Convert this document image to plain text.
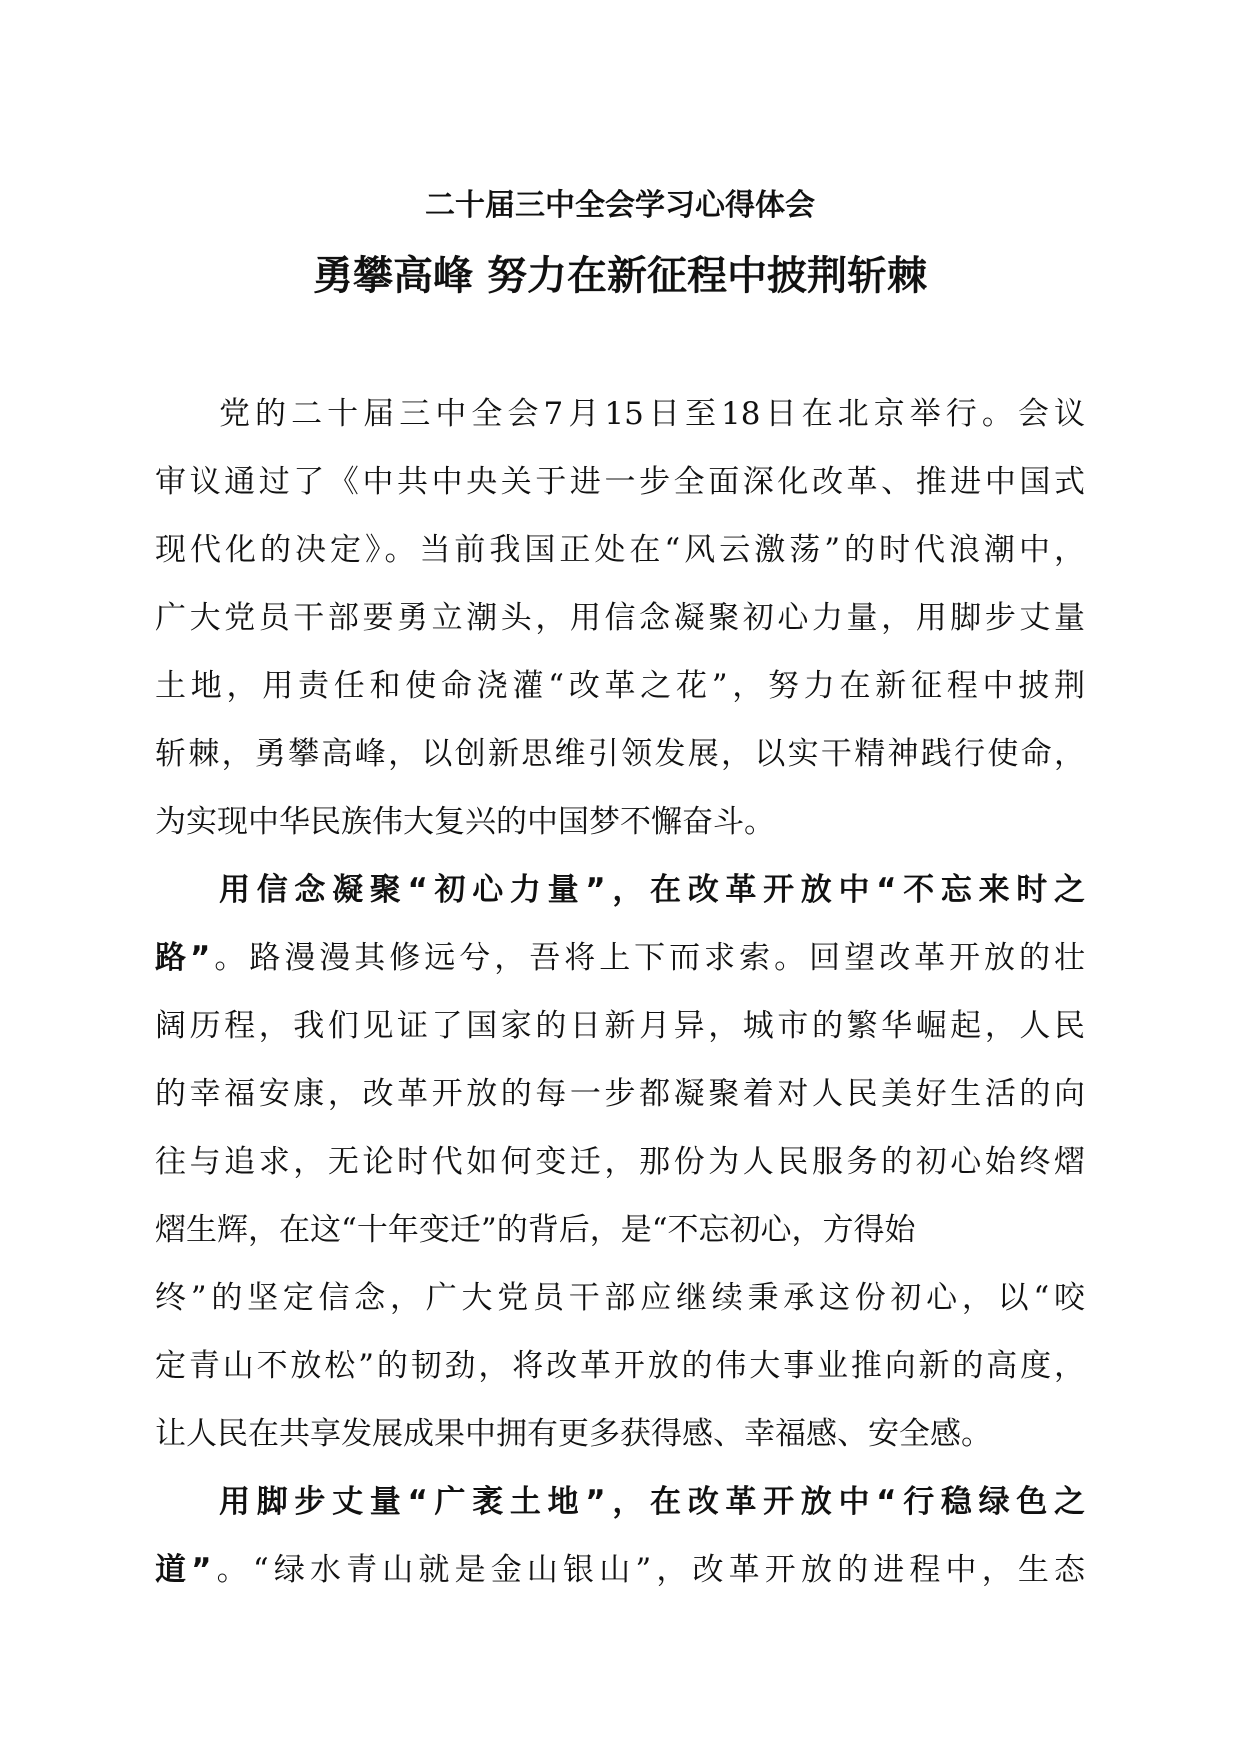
二十届三中全会学习心得体会
勇攀高峰 努力在新征程中披荆斩棘
党的二十届三中全会7月15日至18日在北京举行。会议
审议通过了《中共中央关于进一步全面深化改革、推进中国式
现代化的决定》。当前我国正处在“风云激荡”的时代浪潮中，
广大党员干部要勇立潮头，用信念凝聚初心力量，用脚步丈量
土地，用责任和使命浇灌“改革之花”，努力在新征程中披荆
斩棘，勇攀高峰，以创新思维引领发展，以实干精神践行使命，
为实现中华民族伟大复兴的中国梦不懈奋斗。
用信念凝聚“初心力量”，在改革开放中“不忘来时之
路”。路漫漫其修远兮，吾将上下而求索。回望改革开放的壮
阔历程，我们见证了国家的日新月异，城市的繁华崛起，人民
的幸福安康，改革开放的每一步都凝聚着对人民美好生活的向
往与追求，无论时代如何变迁，那份为人民服务的初心始终熠
熠生辉，在这“十年变迁”的背后，是“不忘初心，方得始
终”的坚定信念，广大党员干部应继续秉承这份初心，以“咬
定青山不放松”的韧劲，将改革开放的伟大事业推向新的高度，
让人民在共享发展成果中拥有更多获得感、幸福感、安全感。
用脚步丈量“广袤土地”，在改革开放中“行稳绿色之
道”。“绿水青山就是金山银山”，改革开放的进程中，生态
